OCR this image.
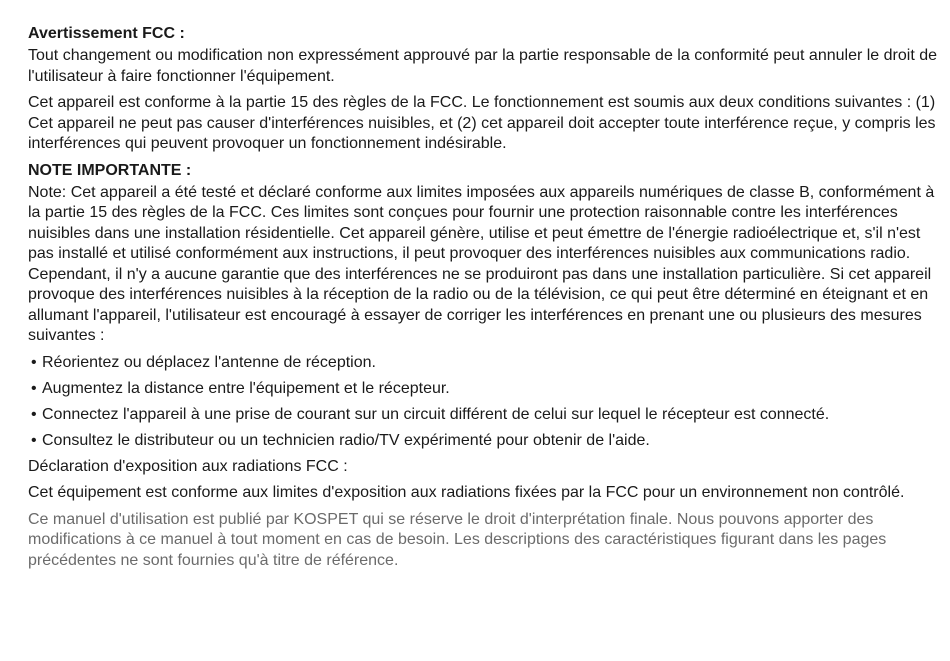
Avertissement FCC :
Tout changement ou modification non expressément approuvé par la partie responsable de la conformité peut annuler le droit de l'utilisateur à faire fonctionner l'équipement.
Cet appareil est conforme à la partie 15 des règles de la FCC. Le fonctionnement est soumis aux deux conditions suivantes : (1) Cet appareil ne peut pas causer d'interférences nuisibles, et (2) cet appareil doit accepter toute interférence reçue, y compris les interférences qui peuvent provoquer un fonctionnement indésirable.
NOTE IMPORTANTE :
Note: Cet appareil a été testé et déclaré conforme aux limites imposées aux appareils numériques de classe B, conformément à la partie 15 des règles de la FCC. Ces limites sont conçues pour fournir une protection raisonnable contre les interférences nuisibles dans une installation résidentielle. Cet appareil génère, utilise et peut émettre de l'énergie radioélectrique et, s'il n'est pas installé et utilisé conformément aux instructions, il peut provoquer des interférences nuisibles aux communications radio. Cependant, il n'y a aucune garantie que des interférences ne se produiront pas dans une installation particulière. Si cet appareil provoque des interférences nuisibles à la réception de la radio ou de la télévision, ce qui peut être déterminé en éteignant et en allumant l'appareil, l'utilisateur est encouragé à essayer de corriger les interférences en prenant une ou plusieurs des mesures suivantes :
• Réorientez ou déplacez l'antenne de réception.
• Augmentez la distance entre l'équipement et le récepteur.
• Connectez l'appareil à une prise de courant sur un circuit différent de celui sur lequel le récepteur est connecté.
• Consultez le distributeur ou un technicien radio/TV expérimenté pour obtenir de l'aide.
Déclaration d'exposition aux radiations FCC :
Cet équipement est conforme aux limites d'exposition aux radiations fixées par la FCC pour un environnement non contrôlé.
Ce manuel d'utilisation est publié par KOSPET qui se réserve le droit d'interprétation finale. Nous pouvons apporter des modifications à ce manuel à tout moment en cas de besoin. Les descriptions des caractéristiques figurant dans les pages précédentes ne sont fournies qu'à titre de référence.
